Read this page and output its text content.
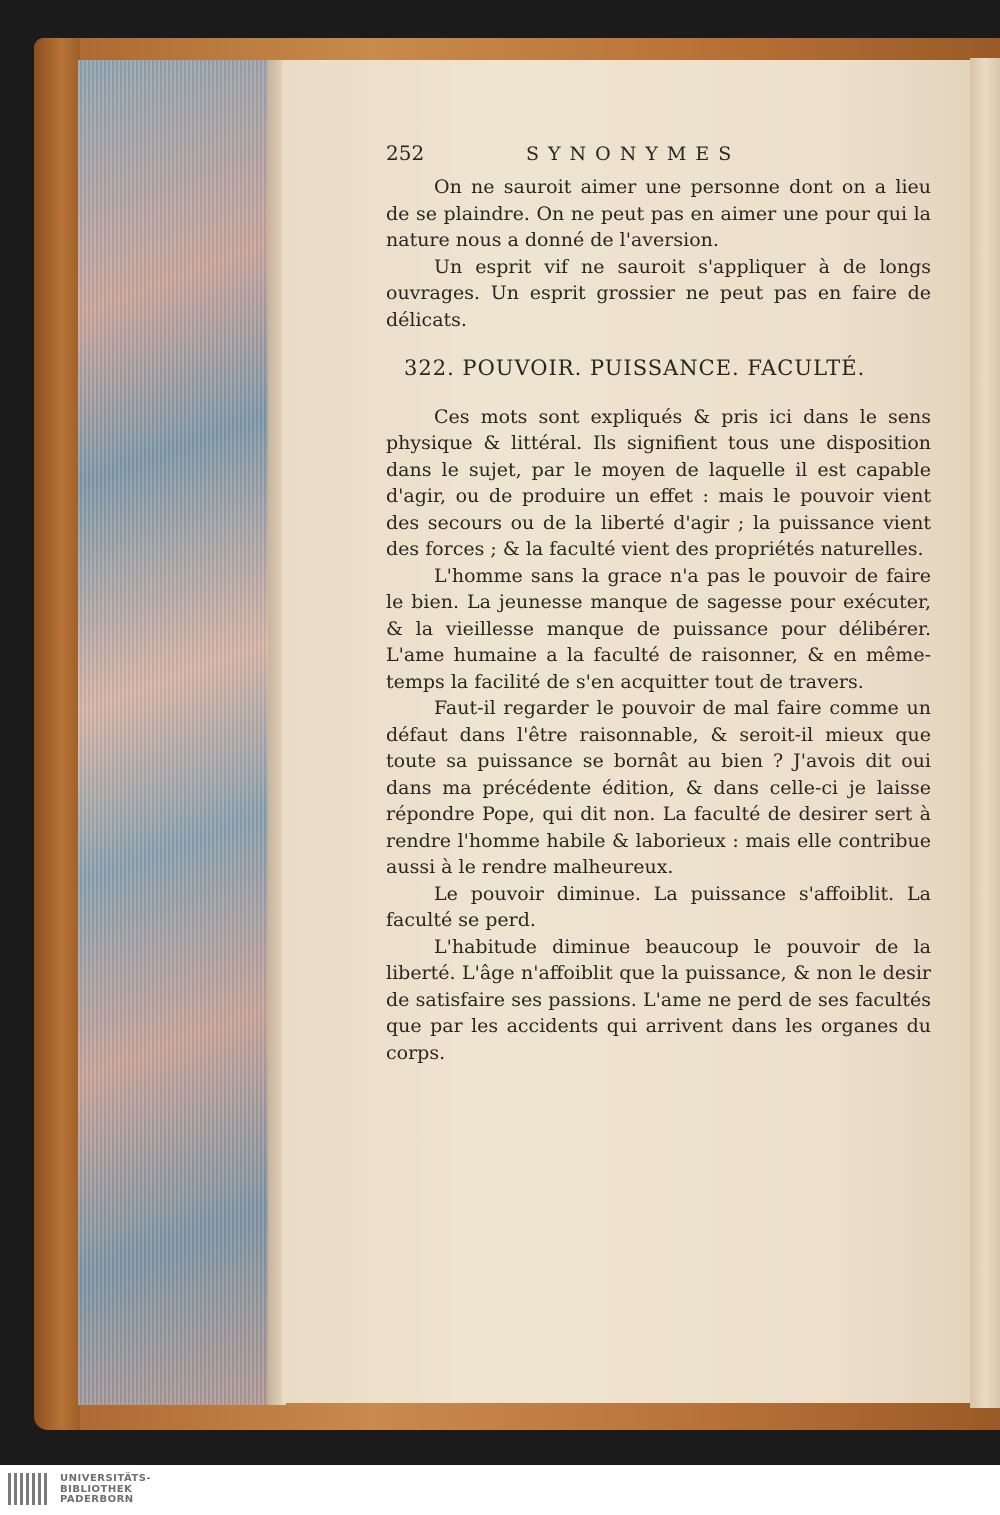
252	SYNONYMES

On ne sauroit aimer une personne dont on a lieu de se plaindre. On ne peut pas en aimer une pour qui la nature nous a donné de l'aversion.

Un esprit vif ne sauroit s'appliquer à de longs ouvrages. Un esprit grossier ne peut pas en faire de délicats.

322. POUVOIR. PUISSANCE. FACULTÉ.

Ces mots sont expliqués & pris ici dans le sens physique & littéral. Ils signifient tous une disposition dans le sujet, par le moyen de laquelle il est capable d'agir, ou de produire un effet : mais le pouvoir vient des secours ou de la liberté d'agir ; la puissance vient des forces ; & la faculté vient des propriétés naturelles.

L'homme sans la grace n'a pas le pouvoir de faire le bien. La jeunesse manque de sagesse pour exécuter, & la vieillesse manque de puissance pour délibérer. L'ame humaine a la faculté de raisonner, & en même-temps la facilité de s'en acquitter tout de travers.

Faut-il regarder le pouvoir de mal faire comme un défaut dans l'être raisonnable, & seroit-il mieux que toute sa puissance se bornât au bien ? J'avois dit oui dans ma précédente édition, & dans celle-ci je laisse répondre Pope, qui dit non. La faculté de desirer sert à rendre l'homme habile & laborieux : mais elle contribue aussi à le rendre malheureux.

Le pouvoir diminue. La puissance s'affoiblit. La faculté se perd.

L'habitude diminue beaucoup le pouvoir de la liberté. L'âge n'affoiblit que la puissance, & non le desir de satisfaire ses passions. L'ame ne perd de ses facultés que par les accidents qui arrivent dans les organes du corps.

UNIVERSITÄTS-
BIBLIOTHEK
PADERBORN
